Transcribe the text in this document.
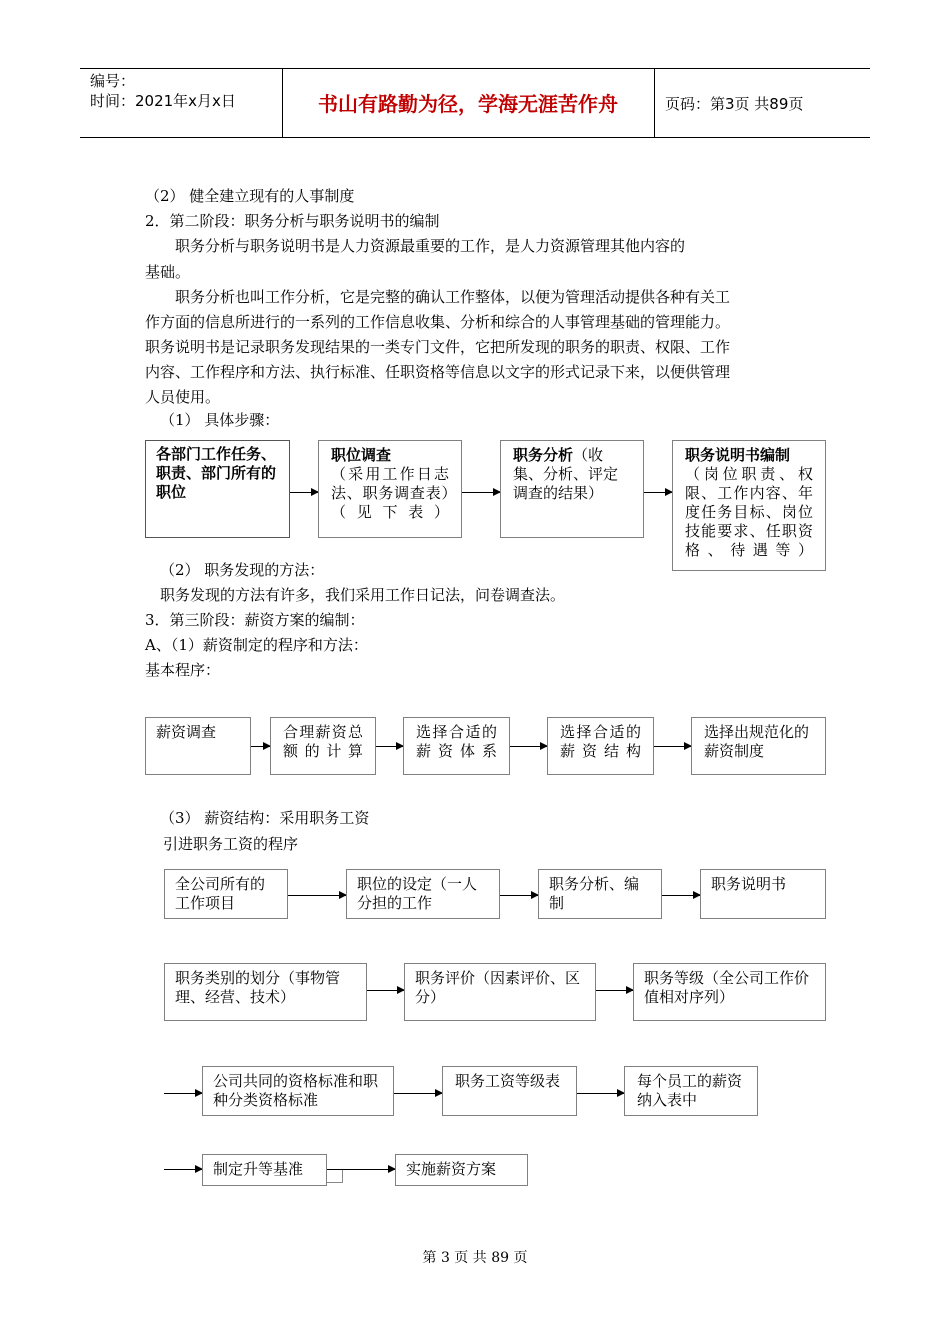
编号：
时间：2021年x月x日	书山有路勤为径，学海无涯苦作舟	页码：第3页 共89页
（2） 健全建立现有的人事制度
2．第二阶段：职务分析与职务说明书的编制
职务分析与职务说明书是人力资源最重要的工作，是人力资源管理其他内容的
基础。
职务分析也叫工作分析，它是完整的确认工作整体，以便为管理活动提供各种有关工
作方面的信息所进行的一系列的工作信息收集、分析和综合的人事管理基础的管理能力。
职务说明书是记录职务发现结果的一类专门文件，它把所发现的职务的职责、权限、工作
内容、工作程序和方法、执行标准、任职资格等信息以文字的形式记录下来，以便供管理
人员使用。
（1） 具体步骤：
各部门工作任务、职责、部门所有的职位
职位调查
（采用工作日志法、职务调查表）（见下表）
职务分析（收集、分析、评定调查的结果）
职务说明书编制
（岗位职责、权限、工作内容、年度任务目标、岗位技能要求、任职资格、待遇等）
（2） 职务发现的方法：
职务发现的方法有许多，我们采用工作日记法，问卷调查法。
3．第三阶段：薪资方案的编制：
A、（1）薪资制定的程序和方法：
基本程序：
薪资调查	合理薪资总额的计算
选择合适的薪资体系
选择合适的薪资结构
选择出规范化的薪资制度
（3） 薪资结构：采用职务工资
引进职务工资的程序
全公司所有的工作项目
职位的设定（一人分担的工作
职务分析、编制
职务说明书
职务类别的划分（事物管理、经营、技术）
职务评价（因素评价、区分）
职务等级（全公司工作价值相对序列）
公司共同的资格标准和职种分类资格标准
职务工资等级表	每个员工的薪资纳入表中
制定升等基准	实施薪资方案
第 3 页 共 89 页
